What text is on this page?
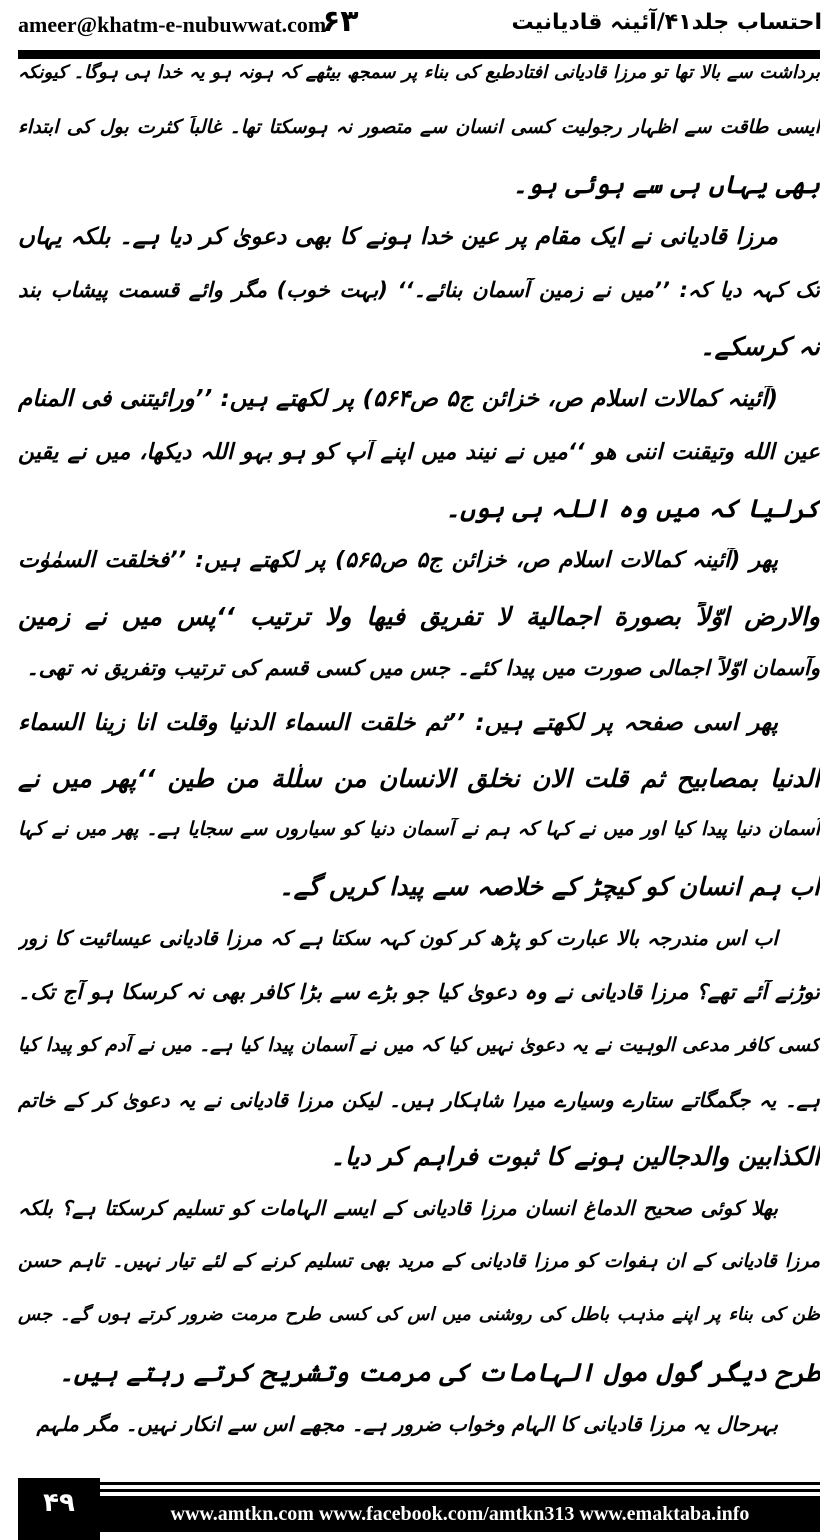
ameer@khatm-e-nubuwwat.com
۶۳	احتساب جلد۴۱/آئینہ قادیانیت
برداشت سے بالا تھا تو مرزا قادیانی افتادطبع کی بناء پر سمجھ بیٹھے کہ ہونہ ہو یہ خدا ہی ہوگا۔ کیونکہ
ایسی طاقت سے اظہار رجولیت کسی انسان سے متصور نہ ہوسکتا تھا۔ غالباً کثرت بول کی ابتداء
بھی یہاں ہی سے ہوئی ہو۔
مرزا قادیانی نے ایک مقام پر عین خدا ہونے کا بھی دعویٰ کر دیا ہے۔ بلکہ یہاں
تک کہہ دیا کہ: ’’میں نے زمین آسمان بنائے۔‘‘ (بہت خوب) مگر وائے قسمت پیشاب بند
نہ کرسکے۔
(آئینہ کمالات اسلام ص، خزائن ج۵ ص۵۶۴) پر لکھتے ہیں: ’’ورائیتنی فی المنام
عین الله وتیقنت اننی ھو ‘‘میں نے نیند میں اپنے آپ کو ہو بہو اللہ دیکھا، میں نے یقین
کرلیا کہ میں وہ اللہ ہی ہوں۔
پھر (آئینہ کمالات اسلام ص، خزائن ج۵ ص۵۶۵) پر لکھتے ہیں: ’’فخلقت السمٰوٰت
والارض اوّلاً بصورة اجمالية لا تفريق فيها ولا ترتيب ‘‘پس میں نے زمین
وآسمان اوّلاً اجمالی صورت میں پیدا کئے۔ جس میں کسی قسم کی ترتیب وتفریق نہ تھی۔
پھر اسی صفحہ پر لکھتے ہیں: ’’ثم خلقت السماء الدنيا وقلت انا زينا السماء
الدنيا بمصابيح ثم قلت الان نخلق الانسان من سلٰلة من طين ‘‘پھر میں نے
آسمان دنیا پیدا کیا اور میں نے کہا کہ ہم نے آسمان دنیا کو سیاروں سے سجایا ہے۔ پھر میں نے کہا
اب ہم انسان کو کیچڑ کے خلاصہ سے پیدا کریں گے۔
اب اس مندرجہ بالا عبارت کو پڑھ کر کون کہہ سکتا ہے کہ مرزا قادیانی عیسائیت کا زور
توڑنے آئے تھے؟ مرزا قادیانی نے وہ دعویٰ کیا جو بڑے سے بڑا کافر بھی نہ کرسکا ہو آج تک۔
کسی کافر مدعی الوہیت نے یہ دعویٰ نہیں کیا کہ میں نے آسمان پیدا کیا ہے۔ میں نے آدم کو پیدا کیا
ہے۔ یہ جگمگاتے ستارے وسیارے میرا شاہکار ہیں۔ لیکن مرزا قادیانی نے یہ دعویٰ کر کے خاتم
الکذابین والدجالین ہونے کا ثبوت فراہم کر دیا۔
بھلا کوئی صحیح الدماغ انسان مرزا قادیانی کے ایسے الہامات کو تسلیم کرسکتا ہے؟ بلکہ
مرزا قادیانی کے ان ہفوات کو مرزا قادیانی کے مرید بھی تسلیم کرنے کے لئے تیار نہیں۔ تاہم حسن
ظن کی بناء پر اپنے مذہب باطل کی روشنی میں اس کی کسی طرح مرمت ضرور کرتے ہوں گے۔ جس
طرح دیگر گول مول الہامات کی مرمت وتشریح کرتے رہتے ہیں۔
بہرحال یہ مرزا قادیانی کا الہام وخواب ضرور ہے۔ مجھے اس سے انکار نہیں۔ مگر ملہم
۴۹	www.amtkn.com www.facebook.com/amtkn313 www.emaktaba.info
